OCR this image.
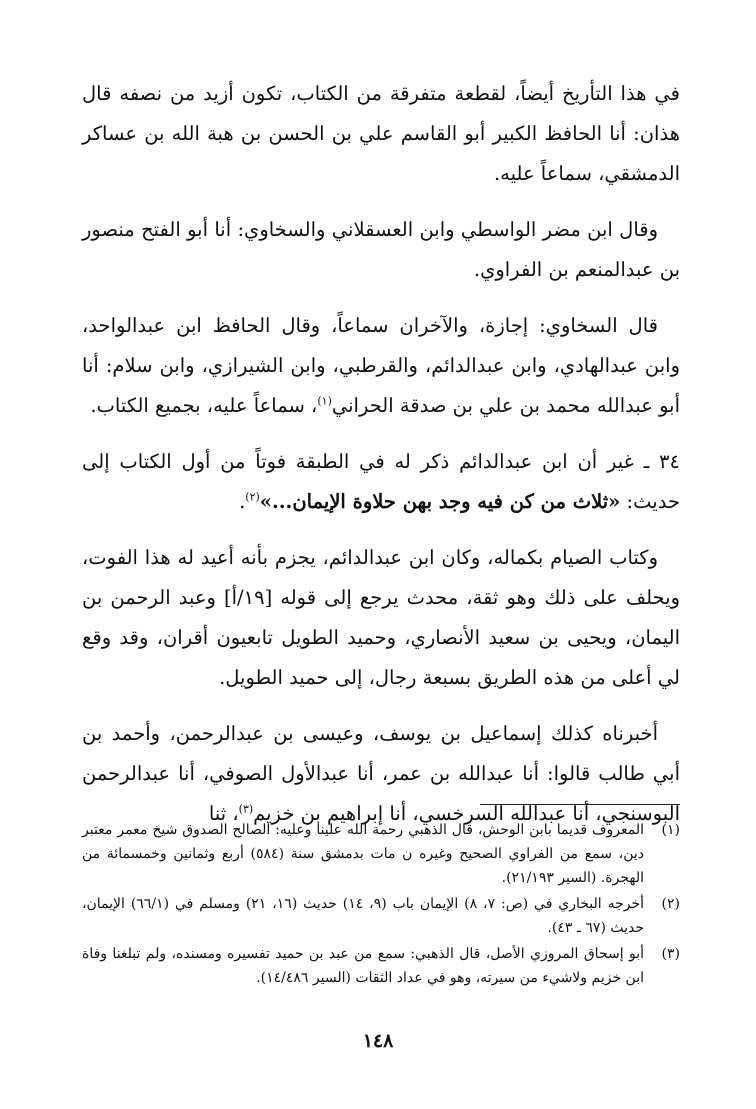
في هذا التأريخ أيضاً، لقطعة متفرقة من الكتاب، تكون أزيد من نصفه قال هذان: أنا الحافظ الكبير أبو القاسم علي بن الحسن بن هبة الله بن عساكر الدمشقي، سماعاً عليه.

وقال ابن مضر الواسطي وابن العسقلاني والسخاوي: أنا أبو الفتح منصور بن عبدالمنعم بن الفراوي.

قال السخاوي: إجازة، والآخران سماعاً، وقال الحافظ ابن عبدالواحد، وابن عبدالهادي، وابن عبدالدائم، والقرطبي، وابن الشيرازي، وابن سلام: أنا أبو عبدالله محمد بن علي بن صدقة الحراني$^{(١)}$، سماعاً عليه، بجميع الكتاب.

٣٤ ـ غير أن ابن عبدالدائم ذكر له في الطبقة فوتاً من أول الكتاب إلى حديث: «ثلاث من كن فيه وجد بهن حلاوة الإيمان...»$^{(٢)}$.

وكتاب الصيام بكماله، وكان ابن عبدالدائم، يجزم بأنه أعيد له هذا الفوت، ويحلف على ذلك وهو ثقة، محدث يرجع إلى قوله [١٩/أ] وعبد الرحمن بن اليمان، ويحيى بن سعيد الأنصاري، وحميد الطويل تابعيون أقران، وقد وقع لي أعلى من هذه الطريق بسبعة رجال، إلى حميد الطويل.

أخبرناه كذلك إسماعيل بن يوسف، وعيسى بن عبدالرحمن، وأحمد بن أبي طالب قالوا: أنا عبدالله بن عمر، أنا عبدالأول الصوفي، أنا عبدالرحمن البوسنجي، أنا عبدالله السرخسي، أنا إبراهيم بن خزيم$^{(٣)}$، ثنا

(١)
المعروف قديما بابن الوحش، قال الذهبي رحمة الله علينا وعليه: الصالح الصدوق شيخ معمر معتبر دين، سمع من الفراوي الصحيح وغيره ن مات بدمشق سنة (٥٨٤) أربع وثمانين وخمسمائة من الهجرة. (السير ٢١/١٩٣).
(٢)
أخرجه البخاري في (ص: ٧، ٨) الإيمان باب (٩، ١٤) حديث (١٦، ٢١) ومسلم في (٦٦/١) الإيمان، حديث (٦٧ ـ ٤٣).
(٣)
أبو إسحاق المروزي الأصل، قال الذهبي: سمع من عبد بن حميد تفسيره ومسنده، ولم تبلغنا وفاة ابن خزيم ولاشيء من سيرته، وهو في عداد الثقات (السير ١٤/٤٨٦).
١٤٨
